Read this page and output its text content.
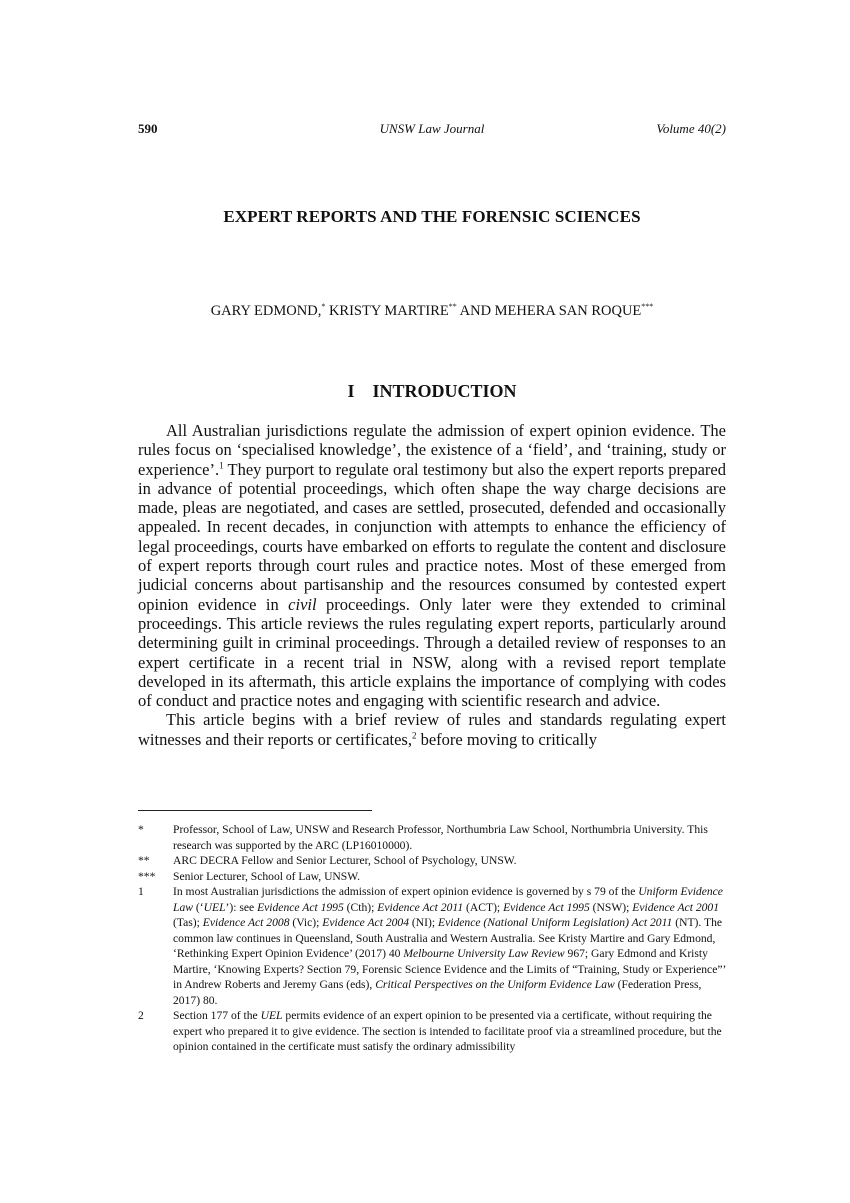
590	UNSW Law Journal	Volume 40(2)
EXPERT REPORTS AND THE FORENSIC SCIENCES
GARY EDMOND,* KRISTY MARTIRE** AND MEHERA SAN ROQUE***
I  INTRODUCTION

All Australian jurisdictions regulate the admission of expert opinion evidence. The rules focus on ‘specialised knowledge’, the existence of a ‘field’, and ‘training, study or experience’.$^1$ They purport to regulate oral testimony but also the expert reports prepared in advance of potential proceedings, which often shape the way charge decisions are made, pleas are negotiated, and cases are settled, prosecuted, defended and occasionally appealed. In recent decades, in conjunction with attempts to enhance the efficiency of legal proceedings, courts have embarked on efforts to regulate the content and disclosure of expert reports through court rules and practice notes. Most of these emerged from judicial concerns about partisanship and the resources consumed by contested expert opinion evidence in civil proceedings. Only later were they extended to criminal proceedings. This article reviews the rules regulating expert reports, particularly around determining guilt in criminal proceedings. Through a detailed review of responses to an expert certificate in a recent trial in NSW, along with a revised report template developed in its aftermath, this article explains the importance of complying with codes of conduct and practice notes and engaging with scientific research and advice.

This article begins with a brief review of rules and standards regulating expert witnesses and their reports or certificates,$^2$ before moving to critically

*	Professor, School of Law, UNSW and Research Professor, Northumbria Law School, Northumbria University. This research was supported by the ARC (LP16010000).
** ARC DECRA Fellow and Senior Lecturer, School of Psychology, UNSW.
*** Senior Lecturer, School of Law, UNSW.
1	In most Australian jurisdictions the admission of expert opinion evidence is governed by s 79 of the Uniform Evidence Law (‘UEL’): see Evidence Act 1995 (Cth); Evidence Act 2011 (ACT); Evidence Act 1995 (NSW); Evidence Act 2001 (Tas); Evidence Act 2008 (Vic); Evidence Act 2004 (NI); Evidence (National Uniform Legislation) Act 2011 (NT). The common law continues in Queensland, South Australia and Western Australia. See Kristy Martire and Gary Edmond, ‘Rethinking Expert Opinion Evidence’ (2017) 40 Melbourne University Law Review 967; Gary Edmond and Kristy Martire, ‘Knowing Experts? Section 79, Forensic Science Evidence and the Limits of “Training, Study or Experience”’ in Andrew Roberts and Jeremy Gans (eds), Critical Perspectives on the Uniform Evidence Law (Federation Press, 2017) 80.
2	Section 177 of the UEL permits evidence of an expert opinion to be presented via a certificate, without requiring the expert who prepared it to give evidence. The section is intended to facilitate proof via a streamlined procedure, but the opinion contained in the certificate must satisfy the ordinary admissibility
